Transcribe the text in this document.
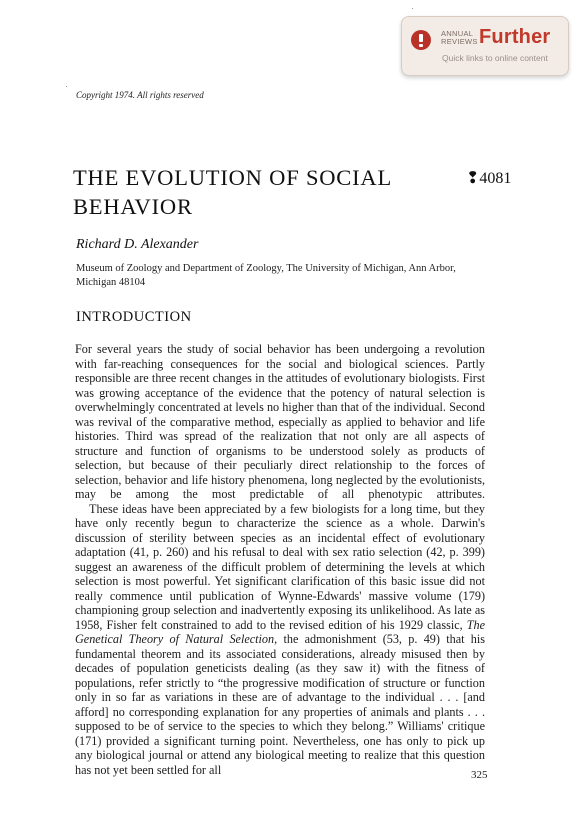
ANNUAL
REVIEWS Further
Quick links to online content
Copyright 1974. All rights reserved
THE EVOLUTION OF SOCIAL BEHAVIOR
❢4081
Richard D. Alexander
Museum of Zoology and Department of Zoology, The University of Michigan, Ann Arbor, Michigan 48104
INTRODUCTION

For several years the study of social behavior has been undergoing a revolution with far-reaching consequences for the social and biological sciences. Partly responsible are three recent changes in the attitudes of evolutionary biologists. First was growing acceptance of the evidence that the potency of natural selection is overwhelmingly concentrated at levels no higher than that of the individual. Second was revival of the comparative method, especially as applied to behavior and life histories. Third was spread of the realization that not only are all aspects of structure and function of organisms to be understood solely as products of selection, but because of their peculiarly direct relationship to the forces of selection, behavior and life history phenomena, long neglected by the evolutionists, may be among the most predictable of all phenotypic attributes.

These ideas have been appreciated by a few biologists for a long time, but they have only recently begun to characterize the science as a whole. Darwin's discussion of sterility between species as an incidental effect of evolutionary adaptation (41, p. 260) and his refusal to deal with sex ratio selection (42, p. 399) suggest an awareness of the difficult problem of determining the levels at which selection is most powerful. Yet significant clarification of this basic issue did not really commence until publication of Wynne-Edwards' massive volume (179) championing group selection and inadvertently exposing its unlikelihood. As late as 1958, Fisher felt constrained to add to the revised edition of his 1929 classic, The Genetical Theory of Natural Selection, the admonishment (53, p. 49) that his fundamental theorem and its associated considerations, already misused then by decades of population geneticists dealing (as they saw it) with the fitness of populations, refer strictly to “the progressive modification of structure or function only in so far as variations in these are of advantage to the individual . . . [and afford] no corresponding explanation for any properties of animals and plants . . . supposed to be of service to the species to which they belong.” Williams' critique (171) provided a significant turning point. Nevertheless, one has only to pick up any biological journal or attend any biological meeting to realize that this question has not yet been settled for all	325
